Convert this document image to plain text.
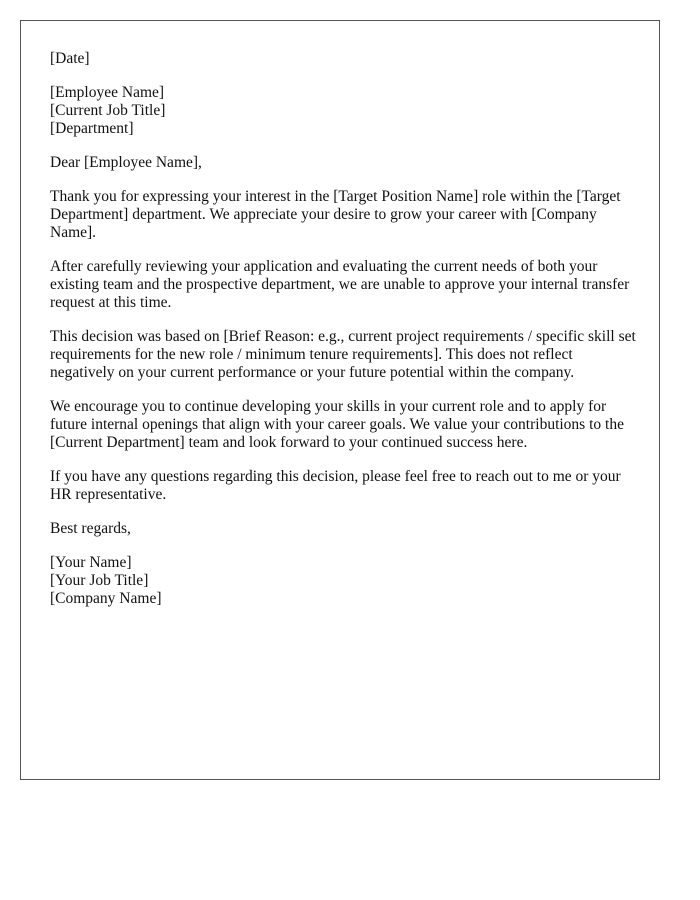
[Date]

[Employee Name]
[Current Job Title]
[Department]

Dear [Employee Name],

Thank you for expressing your interest in the [Target Position Name] role within the [Target Department] department. We appreciate your desire to grow your career with [Company Name].

After carefully reviewing your application and evaluating the current needs of both your existing team and the prospective department, we are unable to approve your internal transfer request at this time.

This decision was based on [Brief Reason: e.g., current project requirements / specific skill set requirements for the new role / minimum tenure requirements]. This does not reflect negatively on your current performance or your future potential within the company.

We encourage you to continue developing your skills in your current role and to apply for future internal openings that align with your career goals. We value your contributions to the [Current Department] team and look forward to your continued success here.

If you have any questions regarding this decision, please feel free to reach out to me or your HR representative.

Best regards,

[Your Name]
[Your Job Title]
[Company Name]
